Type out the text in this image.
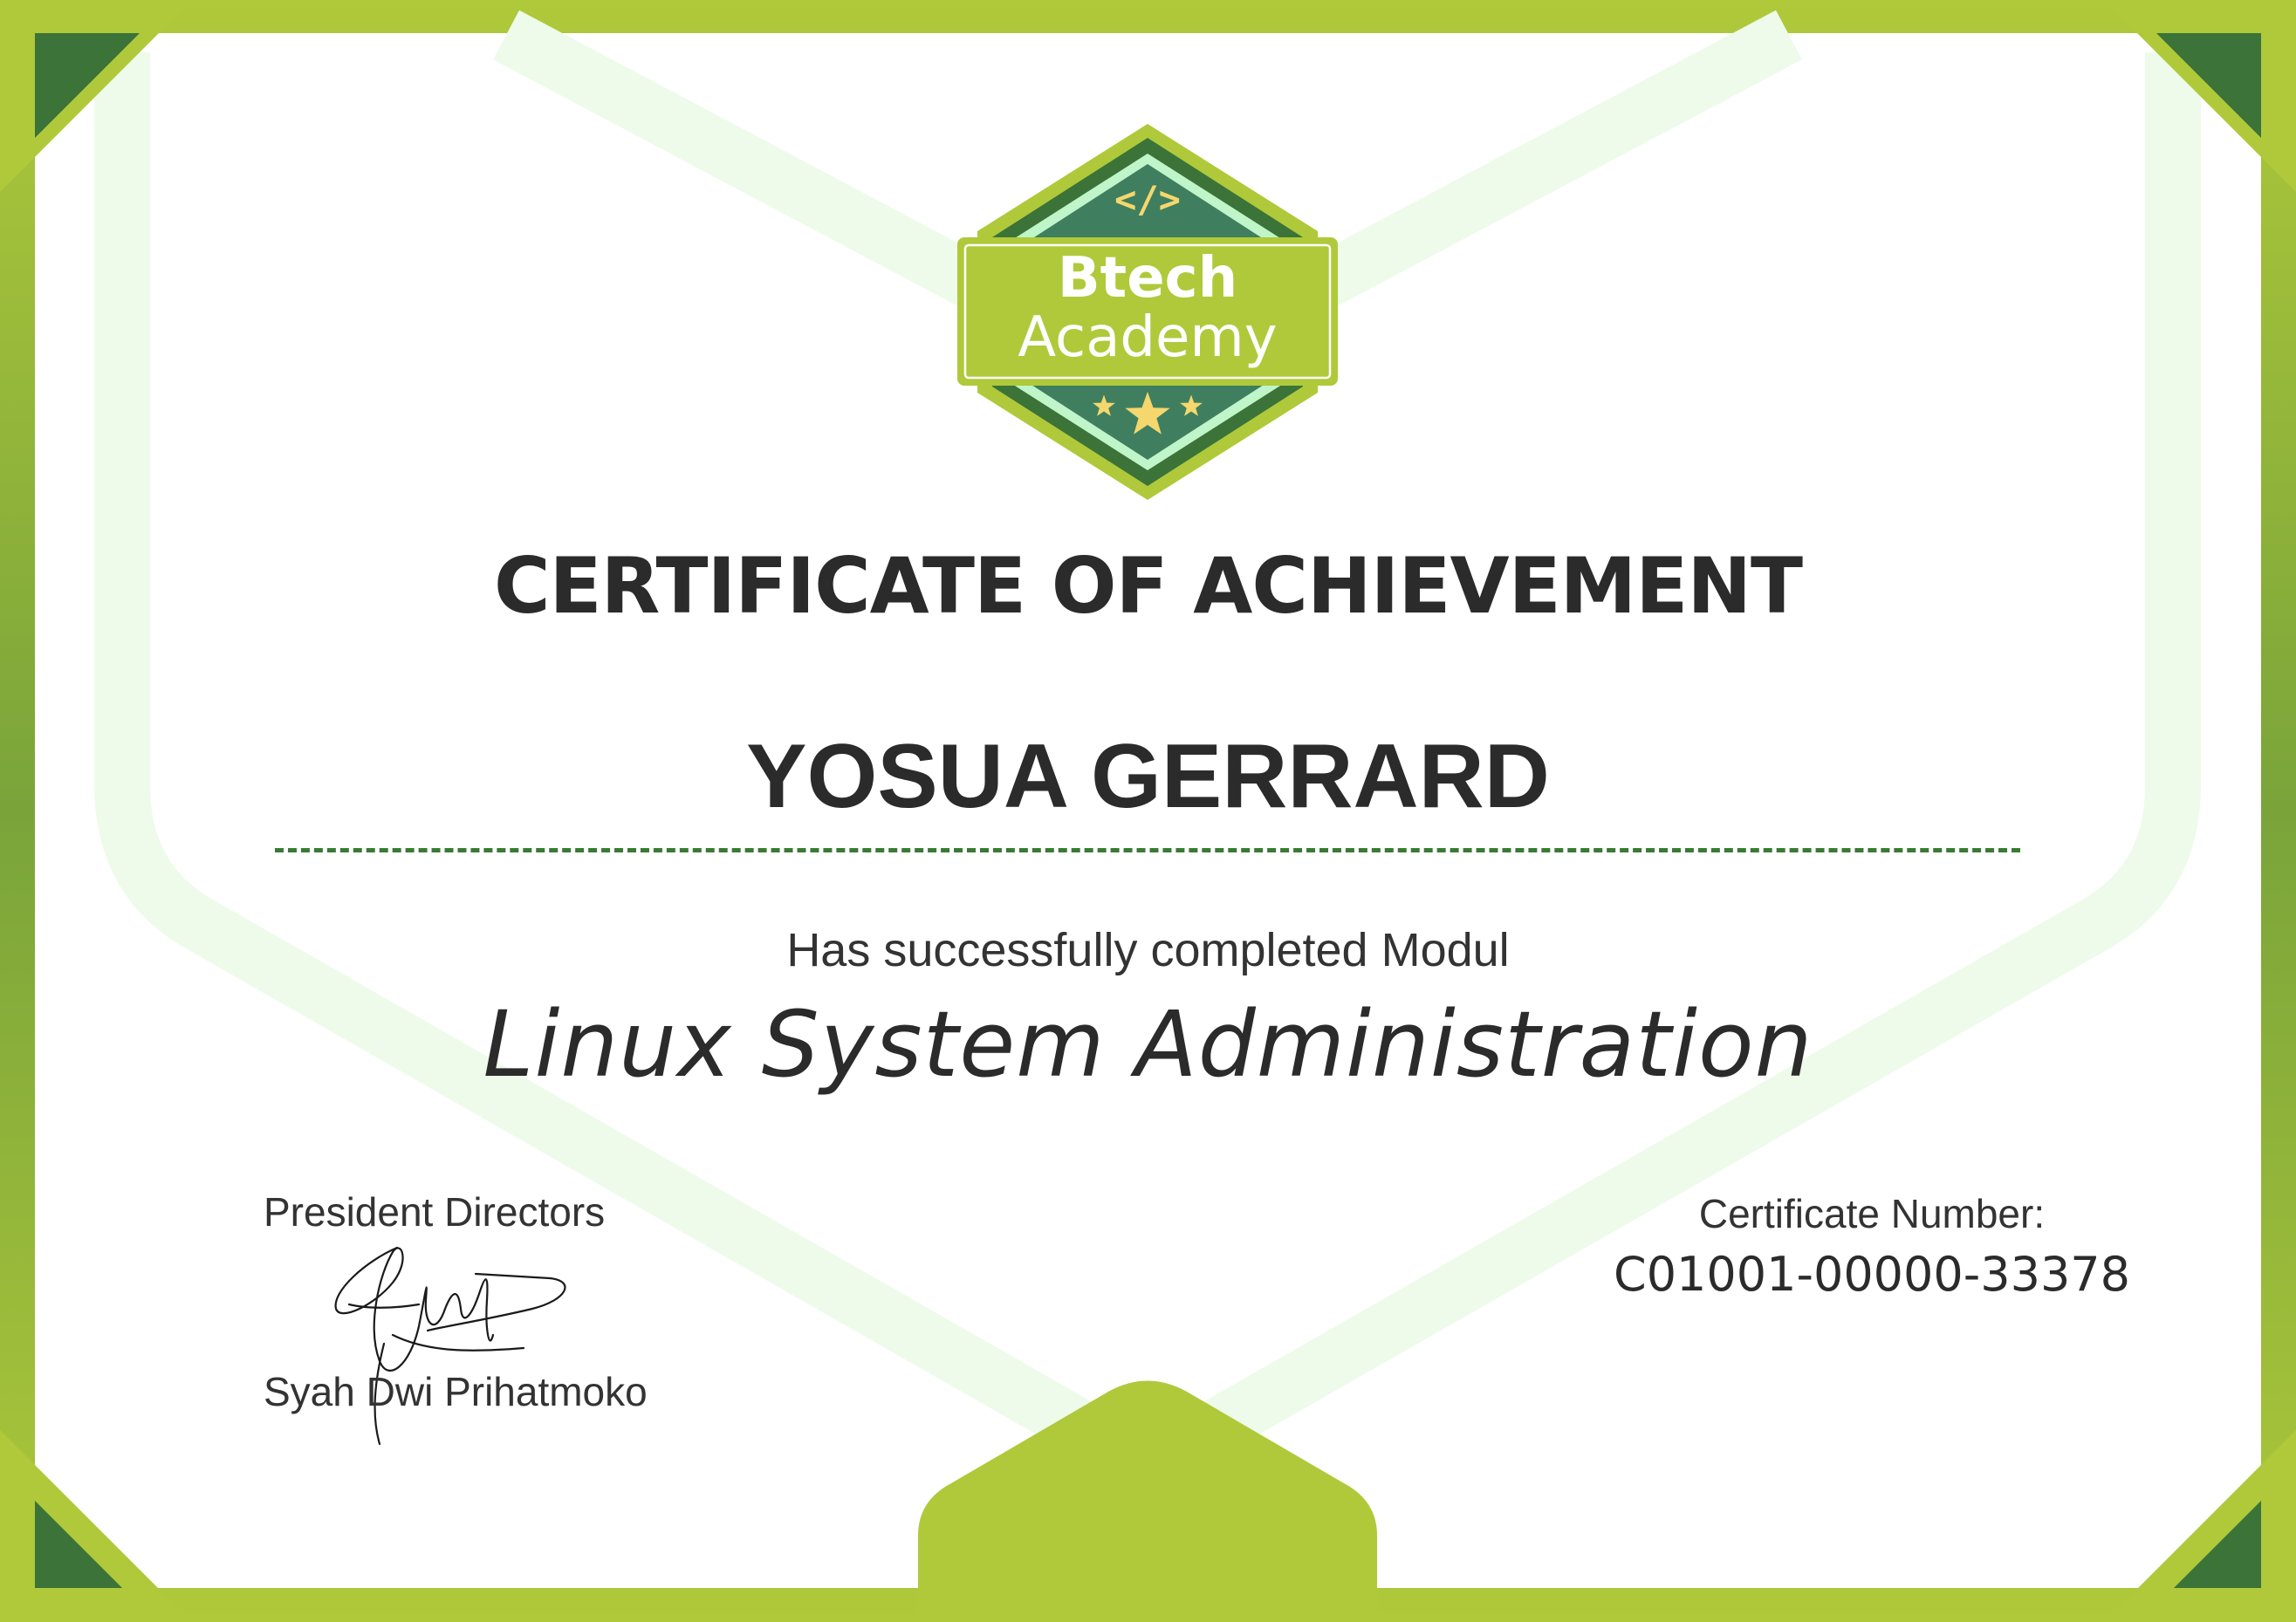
</>
Btech
Academy
CERTIFICATE OF ACHIEVEMENT
YOSUA GERRARD

Has successfully completed Modul

Linux System Administration

President Directors

Syah Dwi Prihatmoko

Certificate Number:

C01001-00000-33378
